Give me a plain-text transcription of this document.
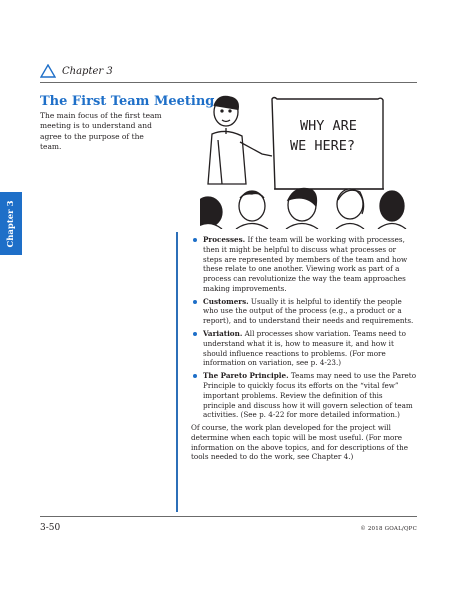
Chapter 3
The First Team Meeting

The main focus of the first team meeting is to understand and agree to the purpose of the team.

Chapter 3
WHY ARE
WE HERE?
Processes. If the team will be working with processes, then it might be helpful to discuss what processes or steps are represented by members of the team and how these relate to one another. Viewing work as part of a process can revolutionize the way the team approaches making improvements.
Customers. Usually it is helpful to identify the people who use the output of the process (e.g., a product or a report), and to understand their needs and requirements.
Variation. All processes show variation. Teams need to understand what it is, how to measure it, and how it should influence reactions to problems. (For more information on variation, see p. 4-23.)
The Pareto Principle. Teams may need to use the Pareto Principle to quickly focus its efforts on the “vital few” important problems. Review the definition of this principle and discuss how it will govern selection of team activities. (See p. 4-22 for more detailed information.)

Of course, the work plan developed for the project will determine when each topic will be most useful. (For more information on the above topics, and for descriptions of the tools needed to do the work, see Chapter 4.)

3-50	© 2018 GOAL/QPC
